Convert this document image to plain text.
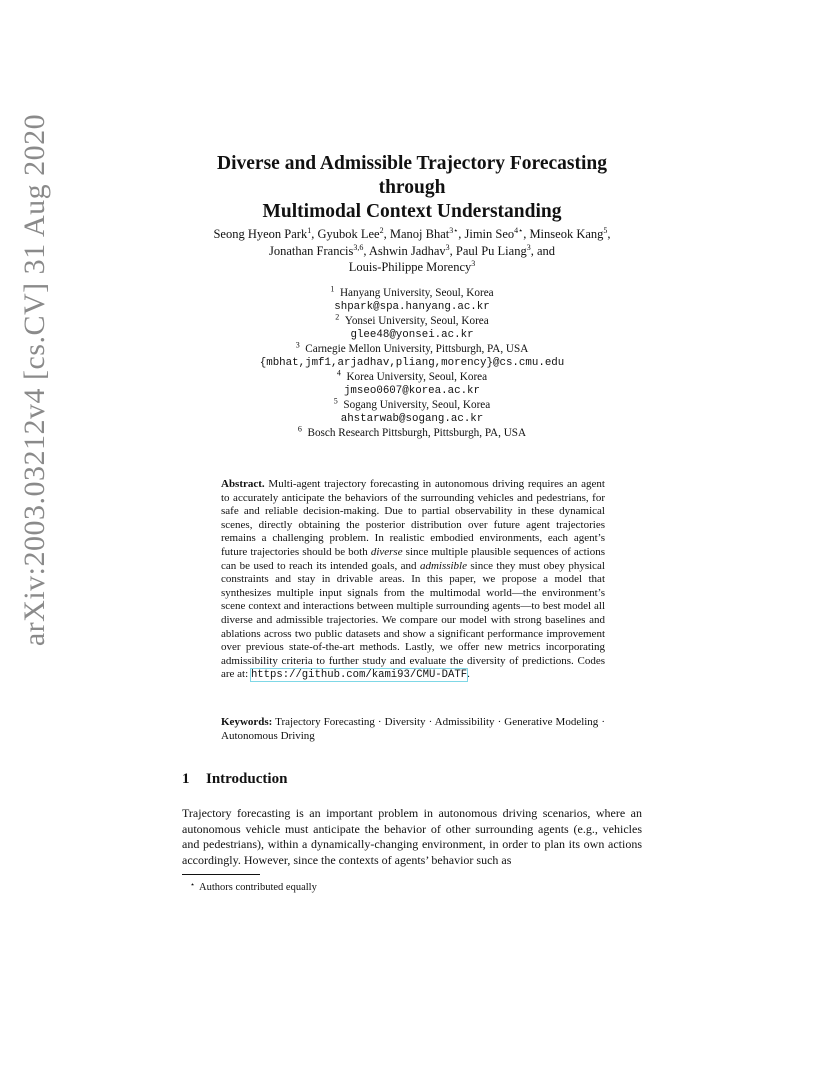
arXiv:2003.03212v4 [cs.CV] 31 Aug 2020	Diverse and Admissible Trajectory Forecasting through
Multimodal Context Understanding
Seong Hyeon Park$^1$, Gyubok Lee$^2$, Manoj Bhat$^{3⋆}$, Jimin Seo$^{4⋆}$, Minseok Kang$^5$,
Jonathan Francis$^{3,6}$, Ashwin Jadhav$^3$, Paul Pu Liang$^3$, and
Louis-Philippe Morency$^3$
$^1$ Hanyang University, Seoul, Korea
shpark@spa.hanyang.ac.kr
$^2$ Yonsei University, Seoul, Korea
glee48@yonsei.ac.kr
$^3$ Carnegie Mellon University, Pittsburgh, PA, USA
{mbhat,jmf1,arjadhav,pliang,morency}@cs.cmu.edu
$^4$ Korea University, Seoul, Korea
jmseo0607@korea.ac.kr
$^5$ Sogang University, Seoul, Korea
ahstarwab@sogang.ac.kr
$^6$ Bosch Research Pittsburgh, Pittsburgh, PA, USA
Abstract. Multi-agent trajectory forecasting in autonomous driving requires an agent to accurately anticipate the behaviors of the surrounding vehicles and pedestrians, for safe and reliable decision-making. Due to partial observability in these dynamical scenes, directly obtaining the posterior distribution over future agent trajectories remains a challenging problem. In realistic embodied environments, each agent’s future trajectories should be both diverse since multiple plausible sequences of actions can be used to reach its intended goals, and admissible since they must obey physical constraints and stay in drivable areas. In this paper, we propose a model that synthesizes multiple input signals from the multimodal world—the environment’s scene context and interactions between multiple surrounding agents—to best model all diverse and admissible trajectories. We compare our model with strong baselines and ablations across two public datasets and show a significant performance improvement over previous state-of-the-art methods. Lastly, we offer new metrics incorporating admissibility criteria to further study and evaluate the diversity of predictions. Codes are at: https://github.com/kami93/CMU-DATF.
Keywords: Trajectory Forecasting · Diversity · Admissibility · Generative Modeling · Autonomous Driving
1 Introduction
Trajectory forecasting is an important problem in autonomous driving scenarios, where an autonomous vehicle must anticipate the behavior of other surrounding agents (e.g., vehicles and pedestrians), within a dynamically-changing environment, in order to plan its own actions accordingly. However, since the contexts of agents’ behavior such as
⋆ Authors contributed equally
